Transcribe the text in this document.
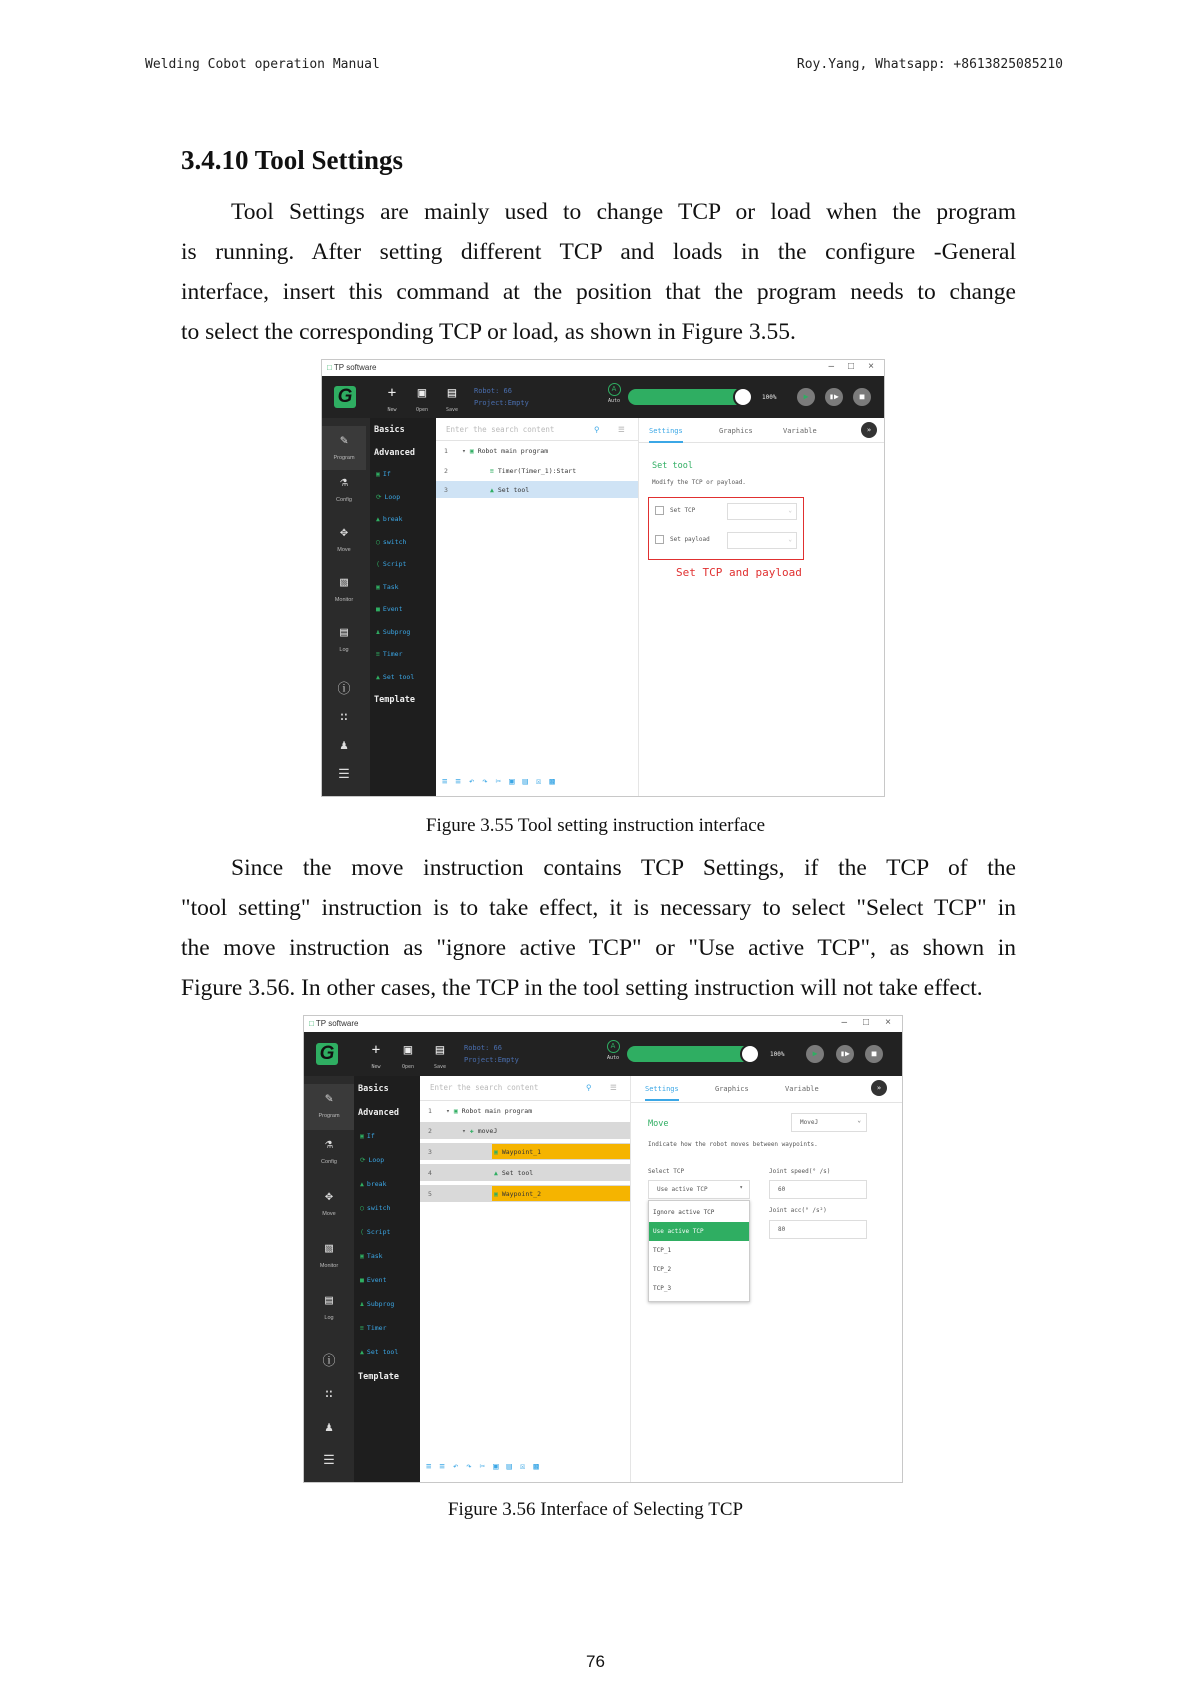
Welding Cobot operation Manual	Roy.Yang, Whatsapp: +8613825085210
3.4.10 Tool Settings
Tool Settings are mainly used to change TCP or load when the program
is running. After setting different TCP and loads in the configure -General
interface, insert this command at the position that the program needs to change
to select the corresponding TCP or load, as shown in Figure 3.55.
□ TP software	– □ ×
G	+
New
▣
Open
▤
Save
Robot: 66
Project:Empty
A
Auto	100%	▶	▮▶	■
✎
Program
⚗
Config
✥
Move
▧
Monitor
▤
Log
ⓘ
∷
♟
☰
Basics
Advanced
▣ If
⟳ Loop
▲ break
◯ switch
⟨ Script
▣ Task
■ Event
♟ Subprog
≡ Timer
▲ Set tool
Template
Enter the search content	⚲ ☰
1 ▾ ▣ Robot main program
2	≡ Timer(Timer_1):Start
3	▲ Set tool
≡≡↶↷✂▣▤☒▩
Settings	Graphics	Variable	»
Set tool
Modify the TCP or payload.
Set TCP	⌄
Set payload	⌄
Set TCP and payload
Figure 3.55 Tool setting instruction interface
Since the move instruction contains TCP Settings, if the TCP of the
"tool setting" instruction is to take effect, it is necessary to select "Select TCP" in
the move instruction as "ignore active TCP" or "Use active TCP", as shown in
Figure 3.56. In other cases, the TCP in the tool setting instruction will not take effect.
□ TP software	– □ ×
G	+
New
▣
Open
▤
Save
Robot: 66
Project:Empty
A
Auto	100%	▶	▮▶	■
✎
Program
⚗
Config
✥
Move
▧
Monitor
▤
Log
ⓘ
∷
♟
☰
Basics
Advanced
▣ If
⟳ Loop
▲ break
◯ switch
⟨ Script
▣ Task
■ Event
♟ Subprog
≡ Timer
▲ Set tool
Template
Enter the search content	⚲ ☰
1 ▾ ▣ Robot main program
2	▾ ✚ moveJ
3	▣ Waypoint_1
4	▲ Set tool
5	▣ Waypoint_2
≡≡↶↷✂▣▤☒▩
Settings	Graphics	Variable	»
Move	MoveJ	⌄
Indicate how the robot moves between waypoints.
Select TCP
Use active TCP	▾
Joint speed(° /s)
60
Joint acc(° /s²)
80
Ignore active TCP
Use active TCP
TCP_1
TCP_2
TCP_3
Figure 3.56 Interface of Selecting TCP
76
